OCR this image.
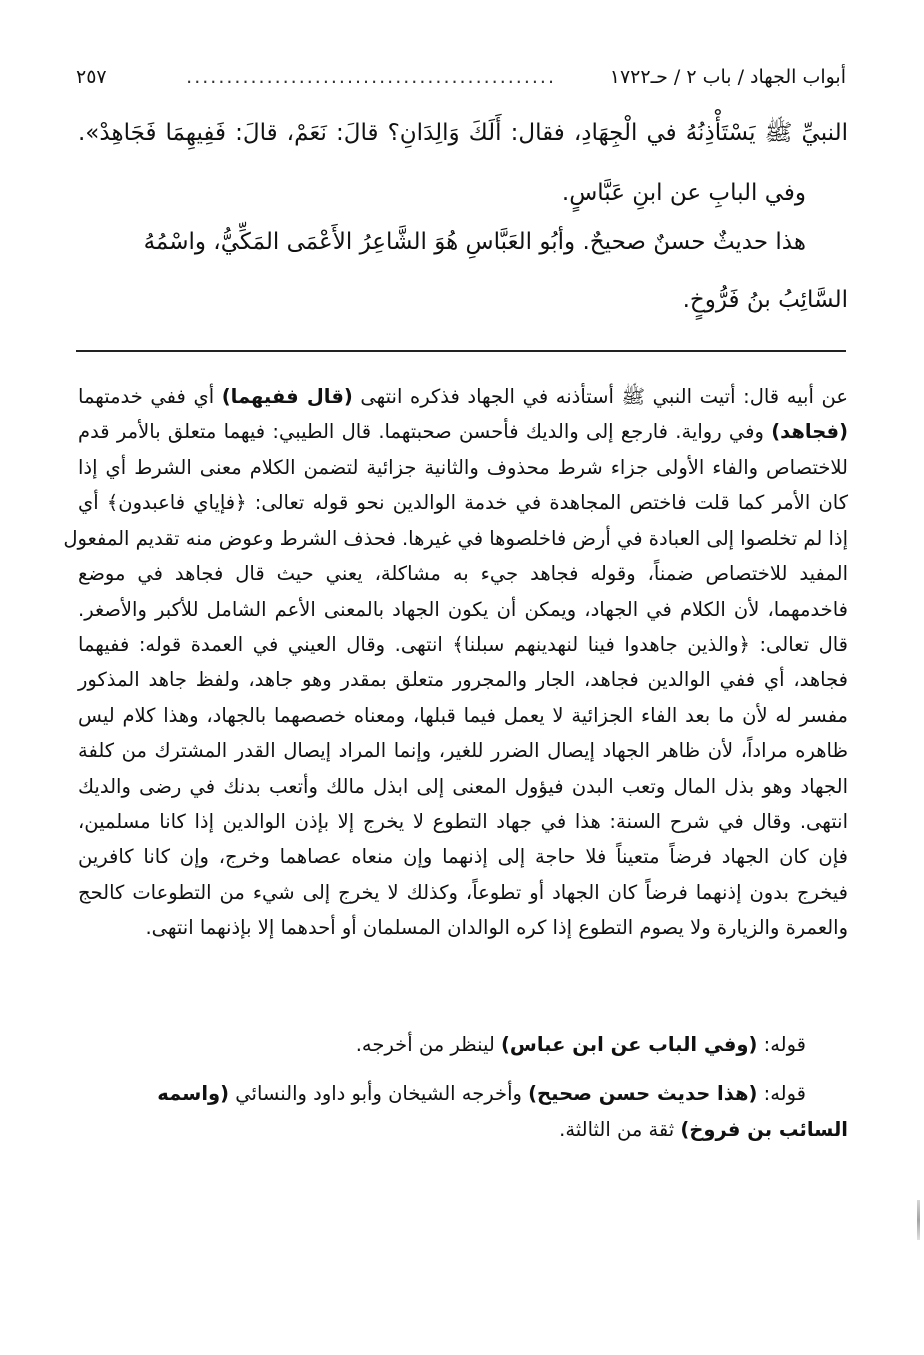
أبواب الجهاد / باب ٢ / حـ١٧٢٢
..............................................
٢٥٧
النبيِّ ﷺ يَسْتَأْذِنُهُ في الْجِهَادِ، فقال: أَلَكَ وَالِدَانِ؟ قالَ: نَعَمْ، قالَ: فَفِيهِمَا فَجَاهِدْ».
وفي البابِ عن ابنِ عَبَّاسٍ.
هذا حديثٌ حسنٌ صحيحٌ. وأبُو العَبَّاسِ هُوَ الشَّاعِرُ الأَعْمَى المَكِّيُّ، واسْمُهُ
السَّائِبُ بنُ فَرُّوخٍ.
عن أبيه قال: أتيت النبي ﷺ أستأذنه في الجهاد فذكره انتهى (قال ففيهما) أي ففي خدمتهما
(فجاهد) وفي رواية. فارجع إلى والديك فأحسن صحبتهما. قال الطيبي: فيهما متعلق بالأمر قدم
للاختصاص والفاء الأولى جزاء شرط محذوف والثانية جزائية لتضمن الكلام معنى الشرط أي إذا
كان الأمر كما قلت فاختص المجاهدة في خدمة الوالدين نحو قوله تعالى: ﴿فإياي فاعبدون﴾ أي
إذا لم تخلصوا إلى العبادة في أرض فاخلصوها في غيرها. فحذف الشرط وعوض منه تقديم المفعول
المفيد للاختصاص ضمناً، وقوله فجاهد جيء به مشاكلة، يعني حيث قال فجاهد في موضع
فاخدمهما، لأن الكلام في الجهاد، ويمكن أن يكون الجهاد بالمعنى الأعم الشامل للأكبر والأصغر.
قال تعالى: ﴿والذين جاهدوا فينا لنهدينهم سبلنا﴾ انتهى. وقال العيني في العمدة قوله: ففيهما
فجاهد، أي ففي الوالدين فجاهد، الجار والمجرور متعلق بمقدر وهو جاهد، ولفظ جاهد المذكور
مفسر له لأن ما بعد الفاء الجزائية لا يعمل فيما قبلها، ومعناه خصصهما بالجهاد، وهذا كلام ليس
ظاهره مراداً، لأن ظاهر الجهاد إيصال الضرر للغير، وإنما المراد إيصال القدر المشترك من كلفة
الجهاد وهو بذل المال وتعب البدن فيؤول المعنى إلى ابذل مالك وأتعب بدنك في رضى والديك
انتهى. وقال في شرح السنة: هذا في جهاد التطوع لا يخرج إلا بإذن الوالدين إذا كانا مسلمين،
فإن كان الجهاد فرضاً متعيناً فلا حاجة إلى إذنهما وإن منعاه عصاهما وخرج، وإن كانا كافرين
فيخرج بدون إذنهما فرضاً كان الجهاد أو تطوعاً، وكذلك لا يخرج إلى شيء من التطوعات كالحج
والعمرة والزيارة ولا يصوم التطوع إذا كره الوالدان المسلمان أو أحدهما إلا بإذنهما انتهى.
قوله: (وفي الباب عن ابن عباس) لينظر من أخرجه.
قوله: (هذا حديث حسن صحيح) وأخرجه الشيخان وأبو داود والنسائي (واسمه
السائب بن فروخ) ثقة من الثالثة.
